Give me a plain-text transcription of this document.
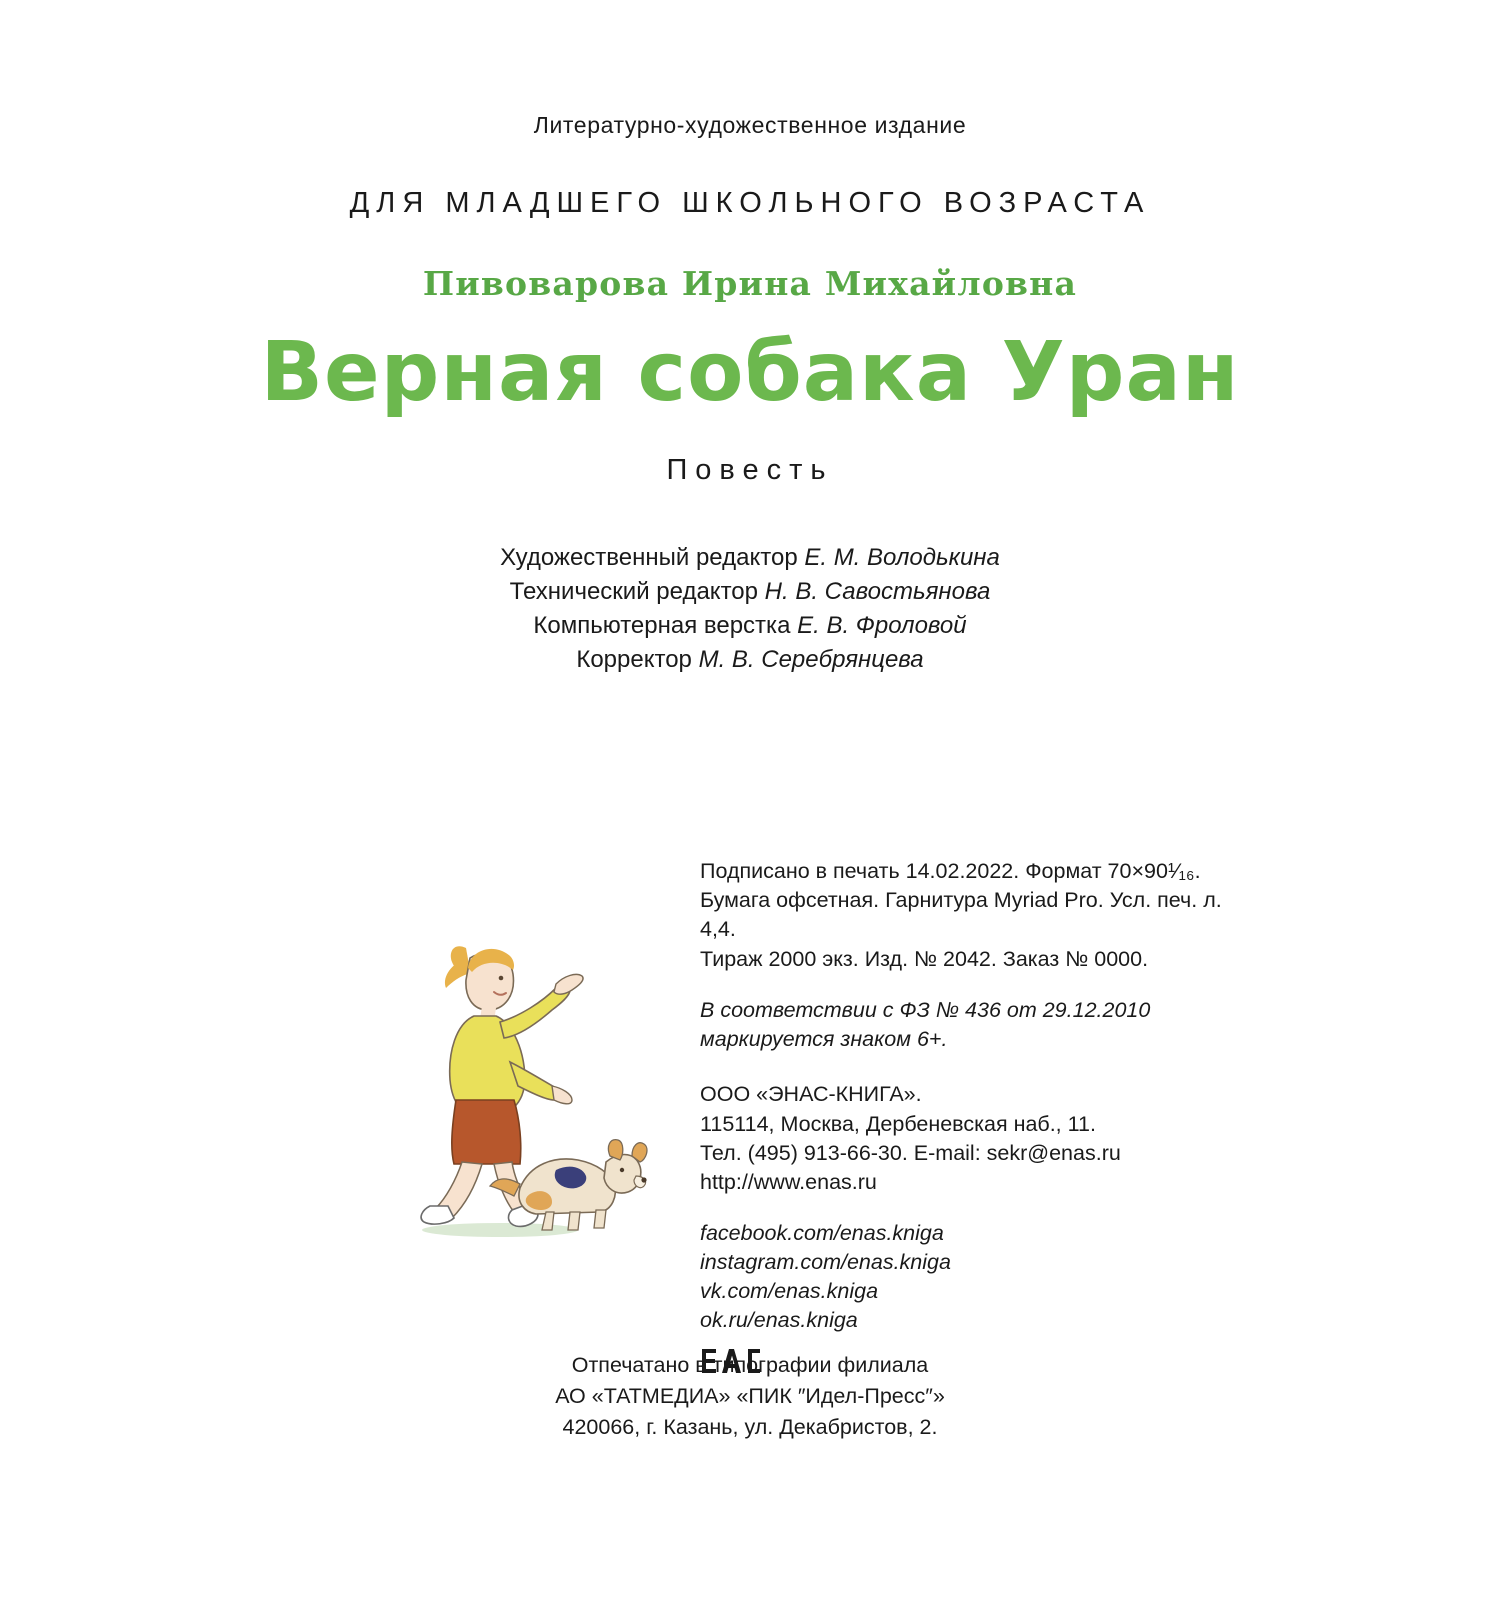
Литературно-художественное издание
ДЛЯ МЛАДШЕГО ШКОЛЬНОГО ВОЗРАСТА
Пивоварова Ирина Михайловна
Верная собака Уран
Повесть
Художественный редактор Е. М. Володькина
Технический редактор Н. В. Савостьянова
Компьютерная верстка Е. В. Фроловой
Корректор М. В. Серебрянцева
Подписано в печать 14.02.2022. Формат 70×90¹⁄₁₆.
Бумага офсетная. Гарнитура Myriad Pro. Усл. печ. л. 4,4.
Тираж 2000 экз. Изд. № 2042. Заказ № 0000.
В соответствии с ФЗ № 436 от 29.12.2010
маркируется знаком 6+.
ООО «ЭНАС-КНИГА».
115114, Москва, Дербеневская наб., 11.
Тел. (495) 913-66-30. E-mail: sekr@enas.ru
http://www.enas.ru
facebook.com/enas.kniga
instagram.com/enas.kniga
vk.com/enas.kniga
ok.ru/enas.kniga
Отпечатано в типографии филиала
АО «ТАТМЕДИА» «ПИК ″Идел-Пресс″»
420066, г. Казань, ул. Декабристов, 2.
